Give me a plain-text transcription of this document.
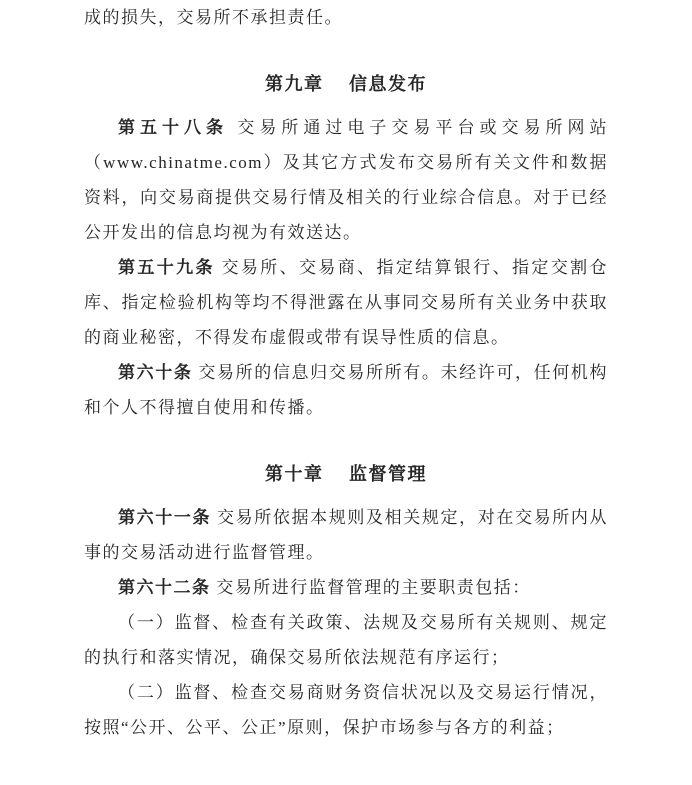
成的损失，交易所不承担责任。

第九章　 信息发布

第五十八条 交易所通过电子交易平台或交易所网站（www.chinatme.com）及其它方式发布交易所有关文件和数据资料，向交易商提供交易行情及相关的行业综合信息。对于已经公开发出的信息均视为有效送达。

第五十九条 交易所、交易商、指定结算银行、指定交割仓库、指定检验机构等均不得泄露在从事同交易所有关业务中获取的商业秘密，不得发布虚假或带有误导性质的信息。

第六十条 交易所的信息归交易所所有。未经许可，任何机构和个人不得擅自使用和传播。

第十章　 监督管理

第六十一条 交易所依据本规则及相关规定，对在交易所内从事的交易活动进行监督管理。

第六十二条 交易所进行监督管理的主要职责包括：

（一）监督、检查有关政策、法规及交易所有关规则、规定的执行和落实情况，确保交易所依法规范有序运行；

（二）监督、检查交易商财务资信状况以及交易运行情况，按照“公开、公平、公正”原则，保护市场参与各方的利益；
